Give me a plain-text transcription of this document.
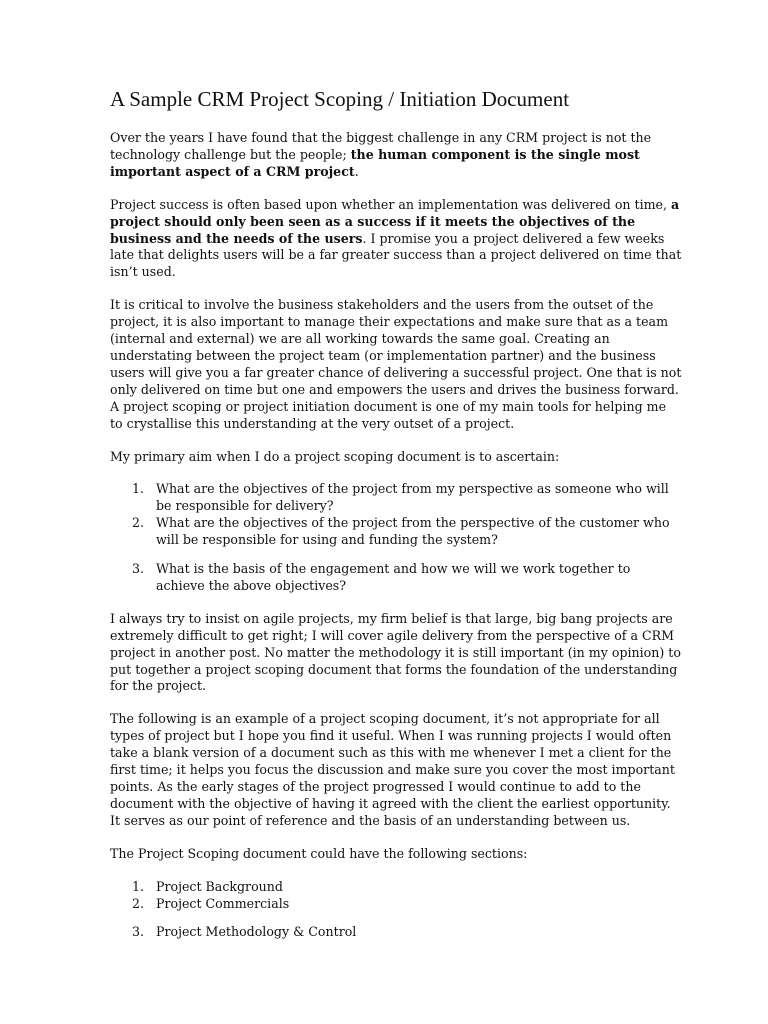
A Sample CRM Project Scoping / Initiation Document

Over the years I have found that the biggest challenge in any CRM project is not the technology challenge but the people; the human component is the single most important aspect of a CRM project.

Project success is often based upon whether an implementation was delivered on time, a project should only been seen as a success if it meets the objectives of the business and the needs of the users. I promise you a project delivered a few weeks late that delights users will be a far greater success than a project delivered on time that isn’t used.

It is critical to involve the business stakeholders and the users from the outset of the project, it is also important to manage their expectations and make sure that as a team (internal and external) we are all working towards the same goal. Creating an understating between the project team (or implementation partner) and the business users will give you a far greater chance of delivering a successful project. One that is not only delivered on time but one and empowers the users and drives the business forward. A project scoping or project initiation document is one of my main tools for helping me to crystallise this understanding at the very outset of a project.

My primary aim when I do a project scoping document is to ascertain:

1. What are the objectives of the project from my perspective as someone who will be responsible for delivery?
2. What are the objectives of the project from the perspective of the customer who will be responsible for using and funding the system?
3. What is the basis of the engagement and how we will we work together to achieve the above objectives?

I always try to insist on agile projects, my firm belief is that large, big bang projects are extremely difficult to get right; I will cover agile delivery from the perspective of a CRM project in another post. No matter the methodology it is still important (in my opinion) to put together a project scoping document that forms the foundation of the understanding for the project.

The following is an example of a project scoping document, it’s not appropriate for all types of project but I hope you find it useful. When I was running projects I would often take a blank version of a document such as this with me whenever I met a client for the first time; it helps you focus the discussion and make sure you cover the most important points. As the early stages of the project progressed I would continue to add to the document with the objective of having it agreed with the client the earliest opportunity. It serves as our point of reference and the basis of an understanding between us.

The Project Scoping document could have the following sections:

1. Project Background
2. Project Commercials
3. Project Methodology & Control
